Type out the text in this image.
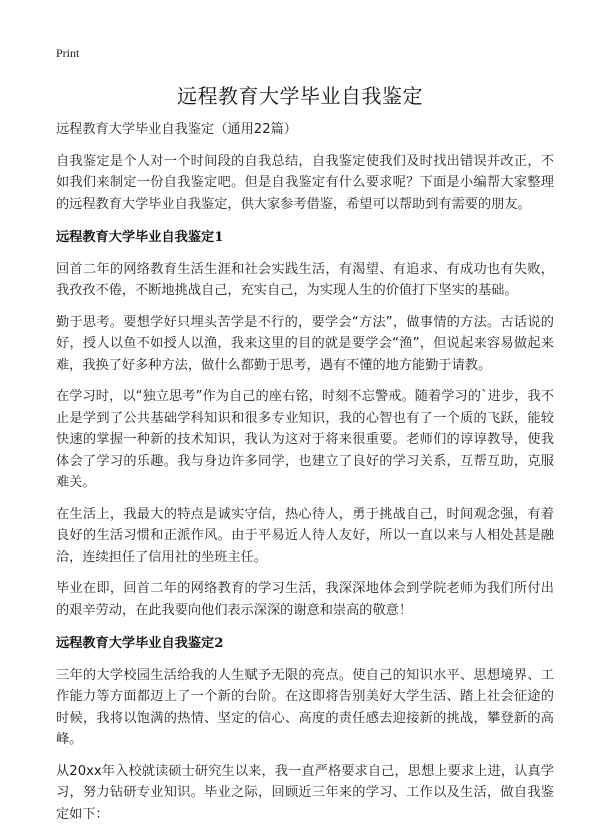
Print
远程教育大学毕业自我鉴定

远程教育大学毕业自我鉴定（通用22篇）

自我鉴定是个人对一个时间段的自我总结，自我鉴定使我们及时找出错误并改正，不如我们来制定一份自我鉴定吧。但是自我鉴定有什么要求呢？下面是小编帮大家整理的远程教育大学毕业自我鉴定，供大家参考借鉴，希望可以帮助到有需要的朋友。

远程教育大学毕业自我鉴定1

回首二年的网络教育生活生涯和社会实践生活，有渴望、有追求、有成功也有失败，我孜孜不倦，不断地挑战自己，充实自己，为实现人生的价值打下坚实的基础。

勤于思考。要想学好只埋头苦学是不行的，要学会“方法”，做事情的方法。古话说的好，授人以鱼不如授人以渔，我来这里的目的就是要学会“渔”，但说起来容易做起来难，我换了好多种方法，做什么都勤于思考，遇有不懂的地方能勤于请教。

在学习时，以“独立思考”作为自己的座右铭，时刻不忘警戒。随着学习的`进步，我不止是学到了公共基础学科知识和很多专业知识，我的心智也有了一个质的飞跃，能较快速的掌握一种新的技术知识，我认为这对于将来很重要。老师们的谆谆教导，使我体会了学习的乐趣。我与身边许多同学，也建立了良好的学习关系，互帮互助，克服难关。

在生活上，我最大的特点是诚实守信，热心待人，勇于挑战自己，时间观念强，有着良好的生活习惯和正派作风。由于平易近人待人友好，所以一直以来与人相处甚是融洽，连续担任了信用社的坐班主任。

毕业在即，回首二年的网络教育的学习生活，我深深地体会到学院老师为我们所付出的艰辛劳动，在此我要向他们表示深深的谢意和崇高的敬意！

远程教育大学毕业自我鉴定2

三年的大学校园生活给我的人生赋予无限的亮点。使自己的知识水平、思想境界、工作能力等方面都迈上了一个新的台阶。在这即将告别美好大学生活、踏上社会征途的时候，我将以饱满的热情、坚定的信心、高度的责任感去迎接新的挑战，攀登新的高峰。

从20xx年入校就读硕士研究生以来，我一直严格要求自己，思想上要求上进，认真学习，努力钻研专业知识。毕业之际，回顾近三年来的学习、工作以及生活，做自我鉴定如下：
